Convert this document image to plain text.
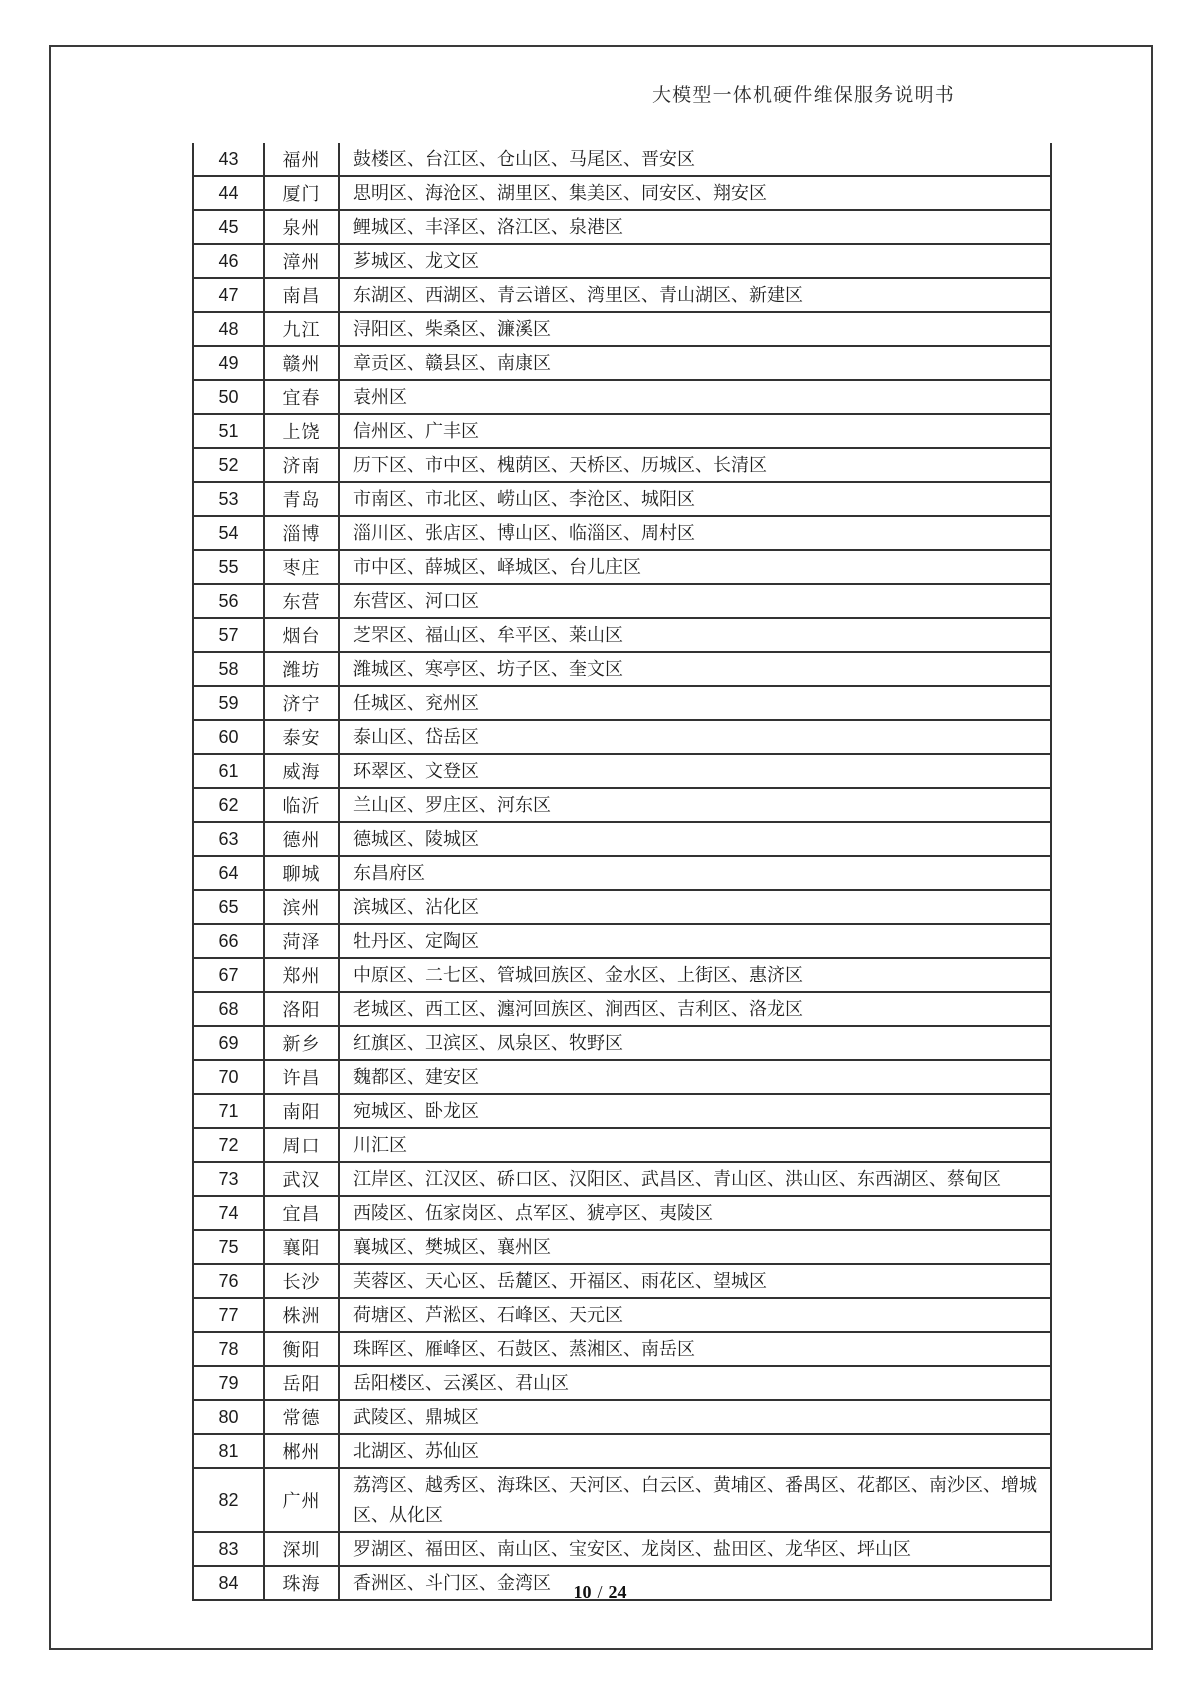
大模型一体机硬件维保服务说明书
43	福州	鼓楼区、台江区、仓山区、马尾区、晋安区
44	厦门	思明区、海沧区、湖里区、集美区、同安区、翔安区
45	泉州	鲤城区、丰泽区、洛江区、泉港区
46	漳州	芗城区、龙文区
47	南昌	东湖区、西湖区、青云谱区、湾里区、青山湖区、新建区
48	九江	浔阳区、柴桑区、濂溪区
49	赣州	章贡区、赣县区、南康区
50	宜春	袁州区
51	上饶	信州区、广丰区
52	济南	历下区、市中区、槐荫区、天桥区、历城区、长清区
53	青岛	市南区、市北区、崂山区、李沧区、城阳区
54	淄博	淄川区、张店区、博山区、临淄区、周村区
55	枣庄	市中区、薛城区、峄城区、台儿庄区
56	东营	东营区、河口区
57	烟台	芝罘区、福山区、牟平区、莱山区
58	潍坊	潍城区、寒亭区、坊子区、奎文区
59	济宁	任城区、兖州区
60	泰安	泰山区、岱岳区
61	威海	环翠区、文登区
62	临沂	兰山区、罗庄区、河东区
63	德州	德城区、陵城区
64	聊城	东昌府区
65	滨州	滨城区、沾化区
66	菏泽	牡丹区、定陶区
67	郑州	中原区、二七区、管城回族区、金水区、上街区、惠济区
68	洛阳	老城区、西工区、瀍河回族区、涧西区、吉利区、洛龙区
69	新乡	红旗区、卫滨区、凤泉区、牧野区
70	许昌	魏都区、建安区
71	南阳	宛城区、卧龙区
72	周口	川汇区
73	武汉	江岸区、江汉区、硚口区、汉阳区、武昌区、青山区、洪山区、东西湖区、蔡甸区
74	宜昌	西陵区、伍家岗区、点军区、猇亭区、夷陵区
75	襄阳	襄城区、樊城区、襄州区
76	长沙	芙蓉区、天心区、岳麓区、开福区、雨花区、望城区
77	株洲	荷塘区、芦淞区、石峰区、天元区
78	衡阳	珠晖区、雁峰区、石鼓区、蒸湘区、南岳区
79	岳阳	岳阳楼区、云溪区、君山区
80	常德	武陵区、鼎城区
81	郴州	北湖区、苏仙区
82	广州	荔湾区、越秀区、海珠区、天河区、白云区、黄埔区、番禺区、花都区、南沙区、增城区、从化区
83	深圳	罗湖区、福田区、南山区、宝安区、龙岗区、盐田区、龙华区、坪山区
84	珠海	香洲区、斗门区、金湾区	10 / 24
